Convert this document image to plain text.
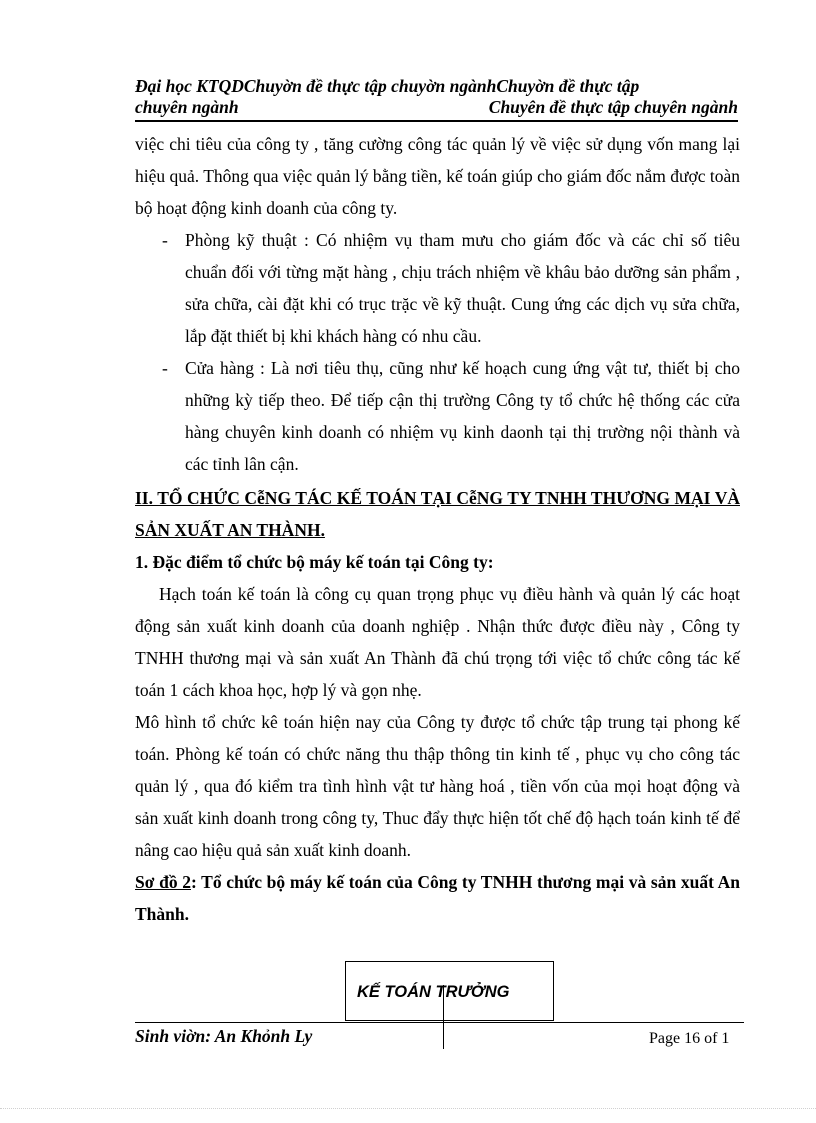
Đại học KTQDChuyờn đề thực tập chuyờn ngànhChuyờn đề thực tập
chuyên ngành	Chuyên đề thực tập chuyên ngành
việc chi tiêu của công ty , tăng cường công tác quản lý về việc sử dụng vốn mang lại hiệu quả. Thông qua việc quản lý bằng tiền, kế toán giúp cho giám đốc nắm được toàn bộ hoạt động kinh doanh của công ty.
- Phòng kỹ thuật : Có nhiệm vụ tham mưu cho giám đốc và các chỉ số tiêu chuẩn đối với từng mặt hàng , chịu trách nhiệm về khâu bảo dưỡng sản phẩm , sửa chữa, cài đặt khi có trục trặc về kỹ thuật. Cung ứng các dịch vụ sửa chữa, lắp đặt thiết bị khi khách hàng có nhu cầu.
- Cửa hàng : Là nơi tiêu thụ, cũng như kế hoạch cung ứng vật tư, thiết bị cho những kỳ tiếp theo. Để tiếp cận thị trường Công ty tổ chức hệ thống các cửa hàng chuyên kinh doanh có nhiệm vụ kinh daonh tại thị trường nội thành và các tỉnh lân cận.
II. TỔ CHỨC CễNG TÁC KẾ TOÁN TẠI CễNG TY TNHH THƯƠNG MẠI VÀ SẢN XUẤT AN THÀNH.
1. Đặc điểm tổ chức bộ máy kế toán tại Công ty:
Hạch toán kế toán là công cụ quan trọng phục vụ điều hành và quản lý các hoạt động sản xuất kinh doanh của doanh nghiệp . Nhận thức được điều này , Công ty TNHH thương mại và sản xuất An Thành đã chú trọng tới việc tổ chức công tác kế toán 1 cách khoa học, hợp lý và gọn nhẹ.
Mô hình tổ chức kê toán hiện nay của Công ty được tổ chức tập trung tại phong kế toán. Phòng kế toán có chức năng thu thập thông tin kinh tế , phục vụ cho công tác quản lý , qua đó kiểm tra tình hình vật tư hàng hoá , tiền vốn của mọi hoạt động và sản xuất kinh doanh trong công ty, Thuc đẩy thực hiện tốt chế độ hạch toán kinh tế để nâng cao hiệu quả sản xuất kinh doanh.
Sơ đồ 2: Tổ chức bộ máy kế toán của Công ty TNHH thương mại và sản xuất An Thành.
KẾ TOÁN TRƯỞNG
Sinh viờn: An Khỏnh Ly	Page 16 of 1
